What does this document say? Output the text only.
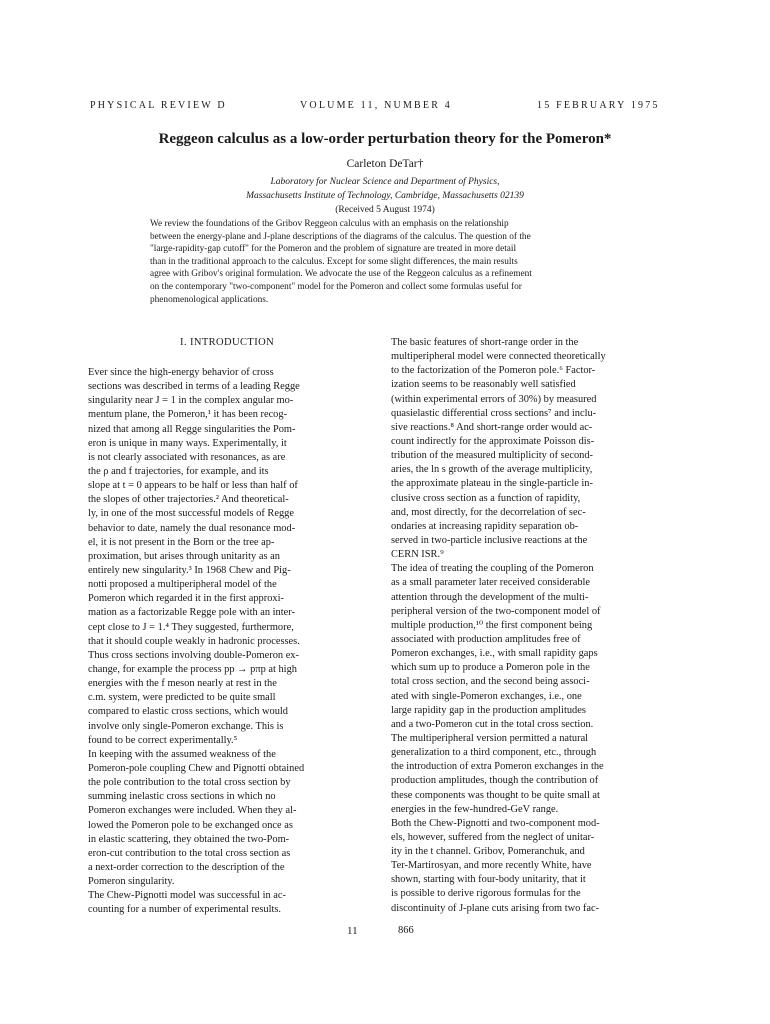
PHYSICAL REVIEW D	VOLUME 11, NUMBER 4	15 FEBRUARY 1975
Reggeon calculus as a low-order perturbation theory for the Pomeron*
Carleton DeTar†
Laboratory for Nuclear Science and Department of Physics,
Massachusetts Institute of Technology, Cambridge, Massachusetts 02139
(Received 5 August 1974)
We review the foundations of the Gribov Reggeon calculus with an emphasis on the relationship
between the energy-plane and J-plane descriptions of the diagrams of the calculus. The question of the
"large-rapidity-gap cutoff" for the Pomeron and the problem of signature are treated in more detail
than in the traditional approach to the calculus. Except for some slight differences, the main results
agree with Gribov's original formulation. We advocate the use of the Reggeon calculus as a refinement
on the contemporary "two-component" model for the Pomeron and collect some formulas useful for
phenomenological applications.
I. INTRODUCTION
Ever since the high-energy behavior of cross
sections was described in terms of a leading Regge
singularity near J = 1 in the complex angular mo-
mentum plane, the Pomeron,¹ it has been recog-
nized that among all Regge singularities the Pom-
eron is unique in many ways. Experimentally, it
is not clearly associated with resonances, as are
the ρ and f trajectories, for example, and its
slope at t = 0 appears to be half or less than half of
the slopes of other trajectories.² And theoretical-
ly, in one of the most successful models of Regge
behavior to date, namely the dual resonance mod-
el, it is not present in the Born or the tree ap-
proximation, but arises through unitarity as an
entirely new singularity.³ In 1968 Chew and Pig-
notti proposed a multiperipheral model of the
Pomeron which regarded it in the first approxi-
mation as a factorizable Regge pole with an inter-
cept close to J = 1.⁴ They suggested, furthermore,
that it should couple weakly in hadronic processes.
Thus cross sections involving double-Pomeron ex-
change, for example the process pp → pπp at high
energies with the f meson nearly at rest in the
c.m. system, were predicted to be quite small
compared to elastic cross sections, which would
involve only single-Pomeron exchange. This is
found to be correct experimentally.⁵
In keeping with the assumed weakness of the
Pomeron-pole coupling Chew and Pignotti obtained
the pole contribution to the total cross section by
summing inelastic cross sections in which no
Pomeron exchanges were included. When they al-
lowed the Pomeron pole to be exchanged once as
in elastic scattering, they obtained the two-Pom-
eron-cut contribution to the total cross section as
a next-order correction to the description of the
Pomeron singularity.
The Chew-Pignotti model was successful in ac-
counting for a number of experimental results.
The basic features of short-range order in the
multiperipheral model were connected theoretically
to the factorization of the Pomeron pole.⁶ Factor-
ization seems to be reasonably well satisfied
(within experimental errors of 30%) by measured
quasielastic differential cross sections⁷ and inclu-
sive reactions.⁸ And short-range order would ac-
count indirectly for the approximate Poisson dis-
tribution of the measured multiplicity of second-
aries, the ln s growth of the average multiplicity,
the approximate plateau in the single-particle in-
clusive cross section as a function of rapidity,
and, most directly, for the decorrelation of sec-
ondaries at increasing rapidity separation ob-
served in two-particle inclusive reactions at the
CERN ISR.⁹
The idea of treating the coupling of the Pomeron
as a small parameter later received considerable
attention through the development of the multi-
peripheral version of the two-component model of
multiple production,¹⁰ the first component being
associated with production amplitudes free of
Pomeron exchanges, i.e., with small rapidity gaps
which sum up to produce a Pomeron pole in the
total cross section, and the second being associ-
ated with single-Pomeron exchanges, i.e., one
large rapidity gap in the production amplitudes
and a two-Pomeron cut in the total cross section.
The multiperipheral version permitted a natural
generalization to a third component, etc., through
the introduction of extra Pomeron exchanges in the
production amplitudes, though the contribution of
these components was thought to be quite small at
energies in the few-hundred-GeV range.
Both the Chew-Pignotti and two-component mod-
els, however, suffered from the neglect of unitar-
ity in the t channel. Gribov, Pomeranchuk, and
Ter-Martirosyan, and more recently White, have
shown, starting with four-body unitarity, that it
is possible to derive rigorous formulas for the
discontinuity of J-plane cuts arising from two fac-
11	866
